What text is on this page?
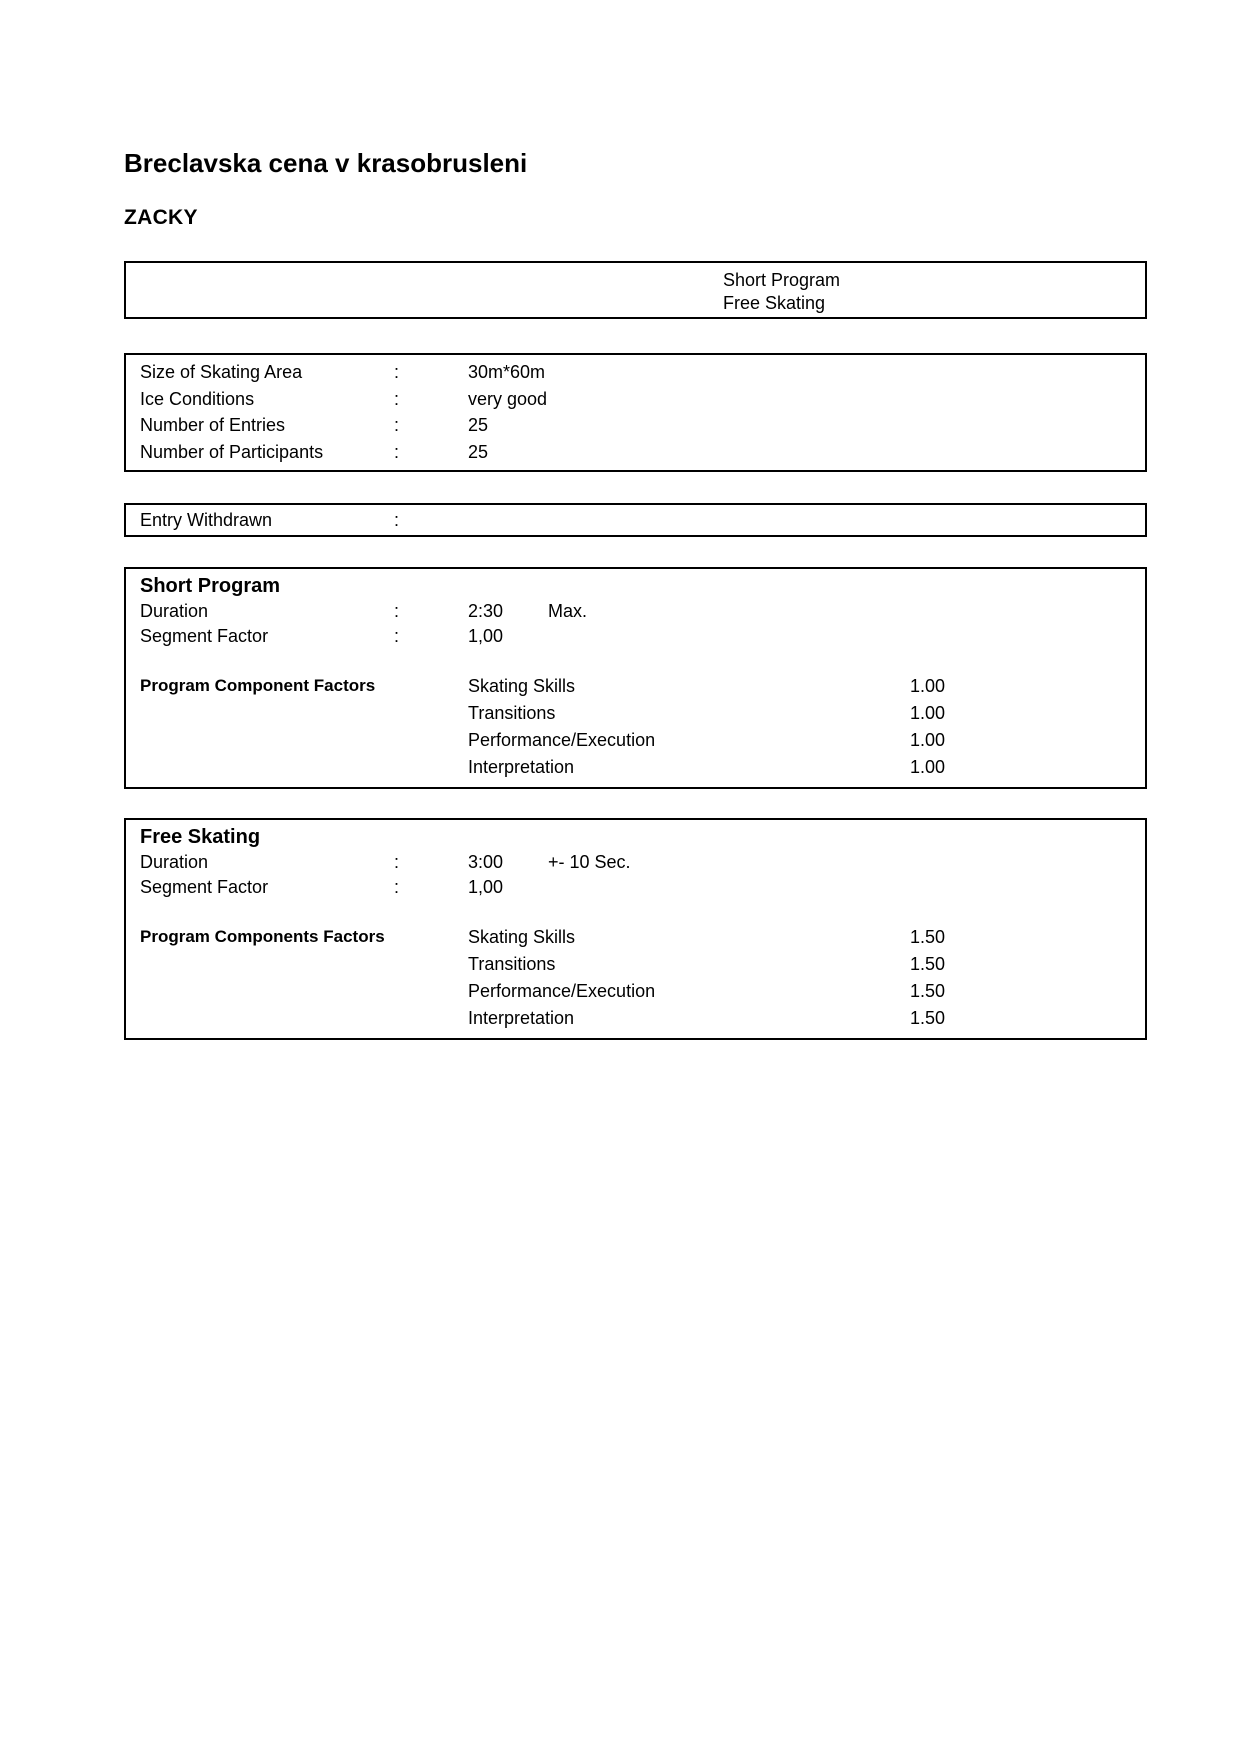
Breclavska cena v krasobrusleni
ZACKY
Short Program
Free Skating
Size of Skating Area	:	30m*60m
Ice Conditions	:	very good
Number of Entries	:	25
Number of Participants	:	25
Entry Withdrawn	:
Short Program
Duration	:	2:30 Max.
Segment Factor	:	1,00
Program Component Factors	Skating Skills	1.00
Transitions	1.00
Performance/Execution	1.00
Interpretation	1.00
Free Skating
Duration	:	3:00 +- 10 Sec.
Segment Factor	:	1,00
Program Components Factors	Skating Skills	1.50
Transitions	1.50
Performance/Execution	1.50
Interpretation	1.50
